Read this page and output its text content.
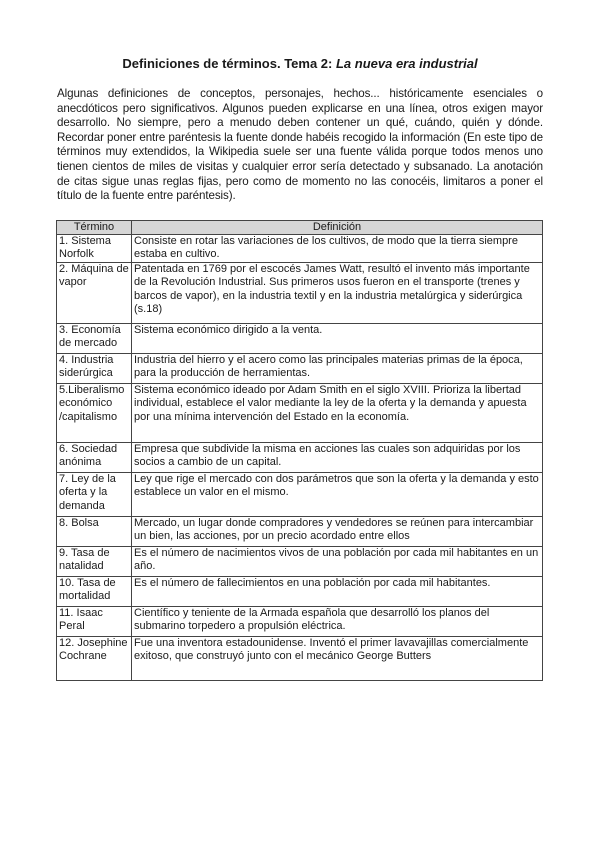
Definiciones de términos. Tema 2: La nueva era industrial

Algunas definiciones de conceptos, personajes, hechos... históricamente esenciales o anecdóticos pero significativos. Algunos pueden explicarse en una línea, otros exigen mayor desarrollo. No siempre, pero a menudo deben contener un qué, cuándo, quién y dónde. Recordar poner entre paréntesis la fuente donde habéis recogido la información (En este tipo de términos muy extendidos, la Wikipedia suele ser una fuente válida porque todos menos uno tienen cientos de miles de visitas y cualquier error sería detectado y subsanado. La anotación de citas sigue unas reglas fijas, pero como de momento no las conocéis, limitaros a poner el título de la fuente entre paréntesis).

Término	Definición
1. Sistema Norfolk	Consiste en rotar las variaciones de los cultivos, de modo que la tierra siempre estaba en cultivo.
2. Máquina de vapor	Patentada en 1769 por el escocés James Watt, resultó el invento más importante de la Revolución Industrial. Sus primeros usos fueron en el transporte (trenes y barcos de vapor), en la industria textil y en la industria metalúrgica y siderúrgica (s.18)
3. Economía de mercado	Sistema económico dirigido a la venta.
4. Industria siderúrgica	Industria del hierro y el acero como las principales materias primas de la época, para la producción de herramientas.
5.Liberalismo económico /capitalismo	Sistema económico ideado por Adam Smith en el siglo XVIII. Prioriza la libertad individual, establece el valor mediante la ley de la oferta y la demanda y apuesta por una mínima intervención del Estado en la economía.
6. Sociedad anónima	Empresa que subdivide la misma en acciones las cuales son adquiridas por los socios a cambio de un capital.
7. Ley de la oferta y la demanda	Ley que rige el mercado con dos parámetros que son la oferta y la demanda y esto establece un valor en el mismo.
8. Bolsa	Mercado, un lugar donde compradores y vendedores se reúnen para intercambiar un bien, las acciones, por un precio acordado entre ellos
9. Tasa de natalidad	Es el número de nacimientos vivos de una población por cada mil habitantes en un año.
10. Tasa de mortalidad	Es el número de fallecimientos en una población por cada mil habitantes.
11. Isaac Peral	Científico y teniente de la Armada española que desarrolló los planos del submarino torpedero a propulsión eléctrica.
12. Josephine Cochrane	Fue una inventora estadounidense. Inventó el primer lavavajillas comercialmente exitoso, que construyó junto con el mecánico George Butters
